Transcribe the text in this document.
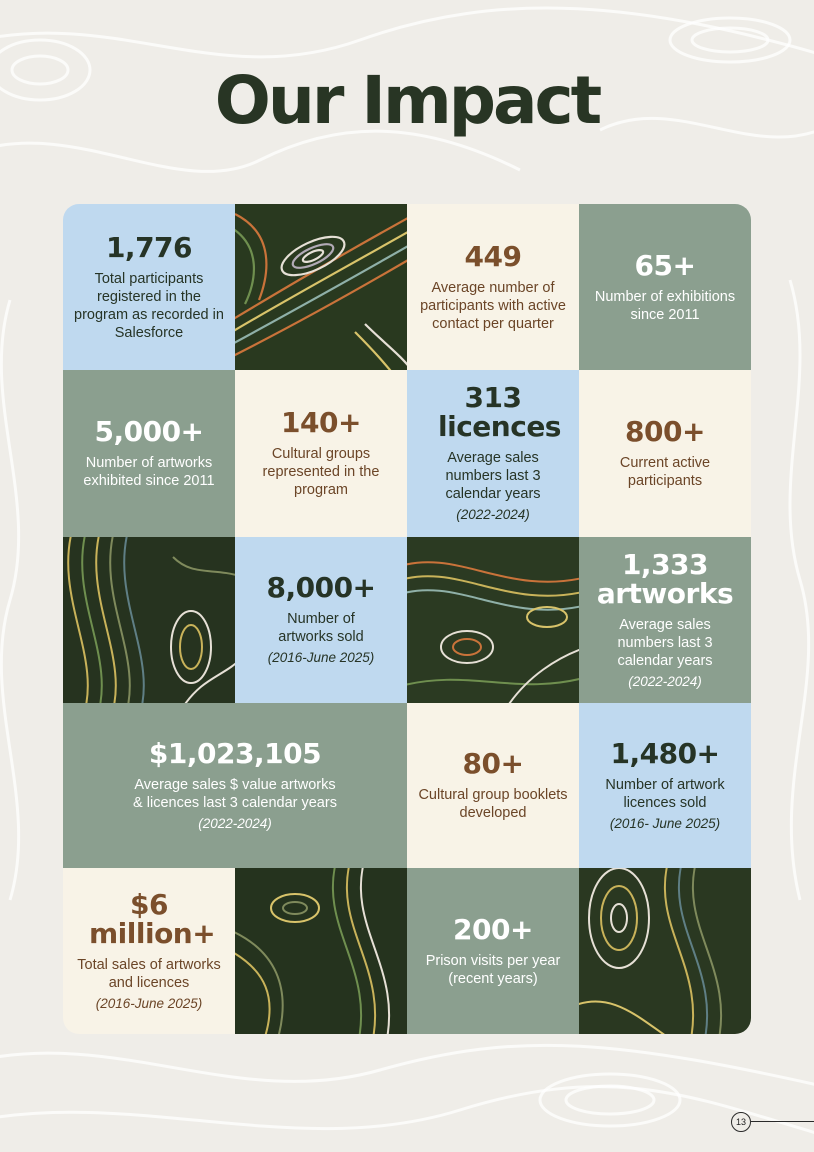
Our Impact
1,776
Total participants registered in the program as recorded in Salesforce
449
Average number of participants with active contact per quarter
65+
Number of exhibitions since 2011
5,000+
Number of artworks exhibited since 2011
140+
Cultural groups represented in the program
313 licences
Average sales numbers last 3 calendar years
(2022-2024)
800+
Current active participants
8,000+
Number of artworks sold
(2016-June 2025)
1,333 artworks
Average sales numbers last 3 calendar years
(2022-2024)
$1,023,105
Average sales $ value artworks & licences last 3 calendar years
(2022-2024)
80+
Cultural group booklets developed
1,480+
Number of artwork licences sold
(2016- June 2025)
$6 million+
Total sales of artworks and licences
(2016-June 2025)
200+
Prison visits per year (recent years)
13
